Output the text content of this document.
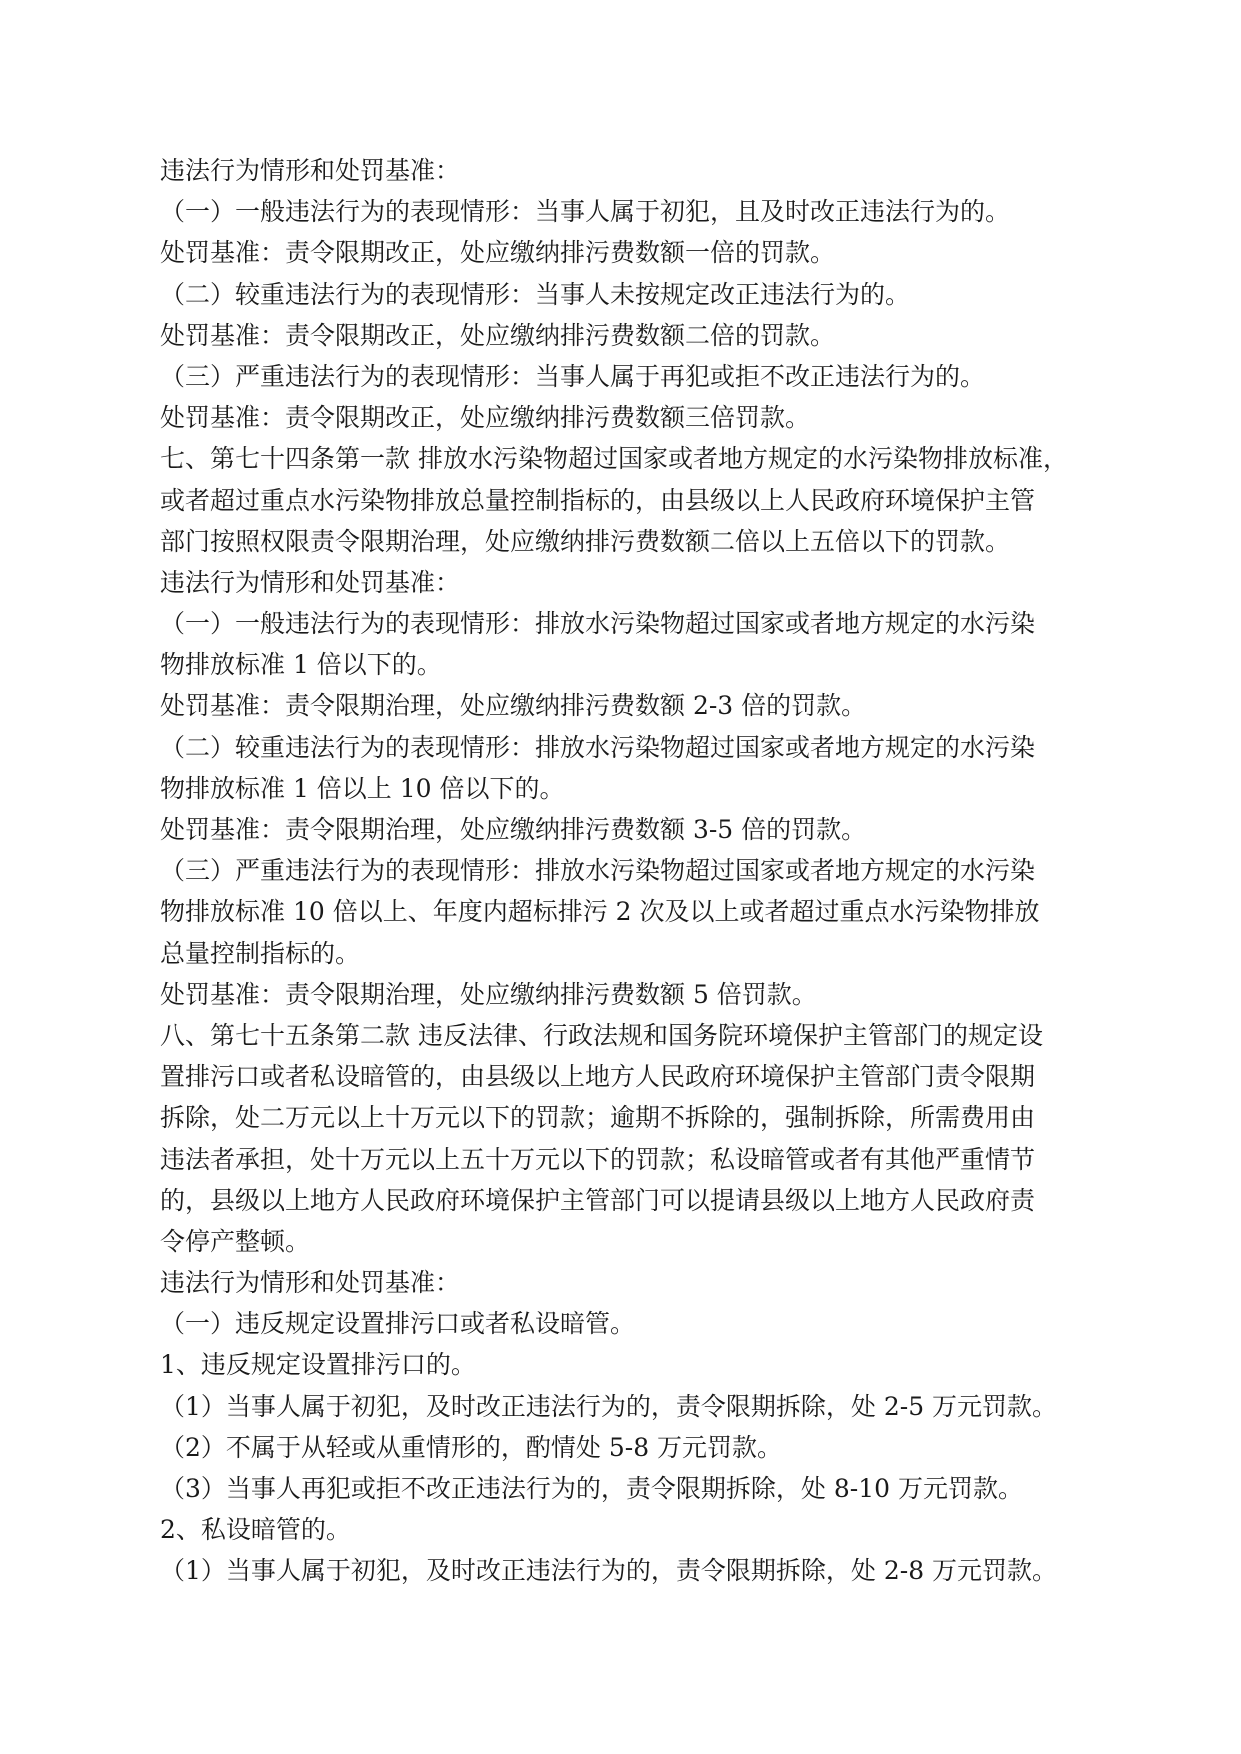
违法行为情形和处罚基准：
（一）一般违法行为的表现情形：当事人属于初犯，且及时改正违法行为的。
处罚基准：责令限期改正，处应缴纳排污费数额一倍的罚款。
（二）较重违法行为的表现情形：当事人未按规定改正违法行为的。
处罚基准：责令限期改正，处应缴纳排污费数额二倍的罚款。
（三）严重违法行为的表现情形：当事人属于再犯或拒不改正违法行为的。
处罚基准：责令限期改正，处应缴纳排污费数额三倍罚款。
七、第七十四条第一款 排放水污染物超过国家或者地方规定的水污染物排放标准，
或者超过重点水污染物排放总量控制指标的，由县级以上人民政府环境保护主管
部门按照权限责令限期治理，处应缴纳排污费数额二倍以上五倍以下的罚款。
违法行为情形和处罚基准：
（一）一般违法行为的表现情形：排放水污染物超过国家或者地方规定的水污染
物排放标准 1 倍以下的。
处罚基准：责令限期治理，处应缴纳排污费数额 2-3 倍的罚款。
（二）较重违法行为的表现情形：排放水污染物超过国家或者地方规定的水污染
物排放标准 1 倍以上 10 倍以下的。
处罚基准：责令限期治理，处应缴纳排污费数额 3-5 倍的罚款。
（三）严重违法行为的表现情形：排放水污染物超过国家或者地方规定的水污染
物排放标准 10 倍以上、年度内超标排污 2 次及以上或者超过重点水污染物排放
总量控制指标的。
处罚基准：责令限期治理，处应缴纳排污费数额 5 倍罚款。
八、第七十五条第二款 违反法律、行政法规和国务院环境保护主管部门的规定设
置排污口或者私设暗管的，由县级以上地方人民政府环境保护主管部门责令限期
拆除，处二万元以上十万元以下的罚款；逾期不拆除的，强制拆除，所需费用由
违法者承担，处十万元以上五十万元以下的罚款；私设暗管或者有其他严重情节
的，县级以上地方人民政府环境保护主管部门可以提请县级以上地方人民政府责
令停产整顿。
违法行为情形和处罚基准：
（一）违反规定设置排污口或者私设暗管。
1、违反规定设置排污口的。
（1）当事人属于初犯，及时改正违法行为的，责令限期拆除，处 2-5 万元罚款。
（2）不属于从轻或从重情形的，酌情处 5-8 万元罚款。
（3）当事人再犯或拒不改正违法行为的，责令限期拆除，处 8-10 万元罚款。
2、私设暗管的。
（1）当事人属于初犯，及时改正违法行为的，责令限期拆除，处 2-8 万元罚款。
